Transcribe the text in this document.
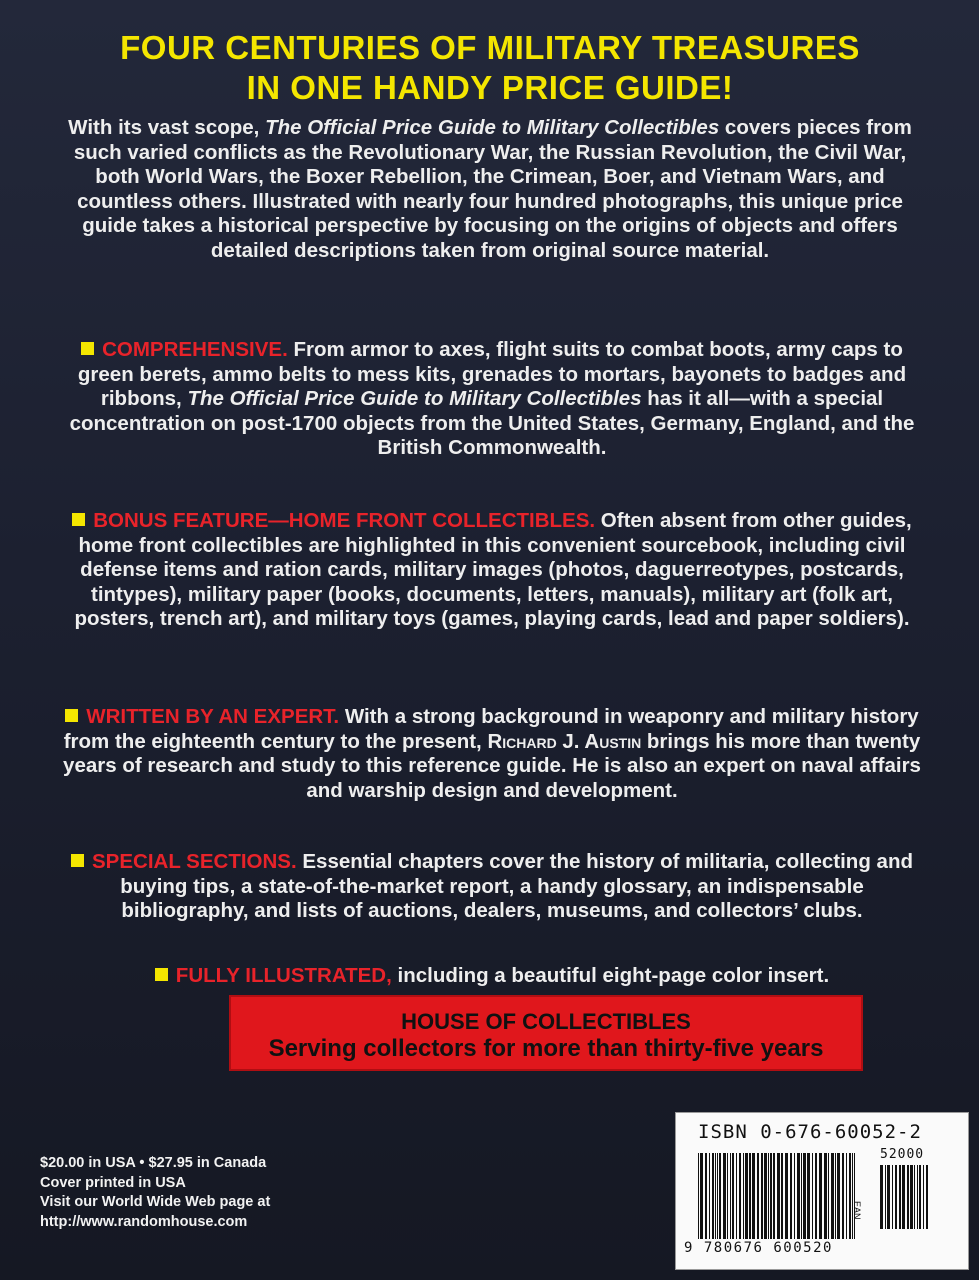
FOUR CENTURIES OF MILITARY TREASURES
IN ONE HANDY PRICE GUIDE!
With its vast scope, The Official Price Guide to Military Collectibles covers pieces from such varied conflicts as the Revolutionary War, the Russian Revolution, the Civil War, both World Wars, the Boxer Rebellion, the Crimean, Boer, and Vietnam Wars, and countless others. Illustrated with nearly four hundred photographs, this unique price guide takes a historical perspective by focusing on the origins of objects and offers detailed descriptions taken from original source material.
COMPREHENSIVE. From armor to axes, flight suits to combat boots, army caps to green berets, ammo belts to mess kits, grenades to mortars, bayonets to badges and ribbons, The Official Price Guide to Military Collectibles has it all—with a special concentration on post-1700 objects from the United States, Germany, England, and the British Commonwealth.
BONUS FEATURE—HOME FRONT COLLECTIBLES. Often absent from other guides, home front collectibles are highlighted in this convenient sourcebook, including civil defense items and ration cards, military images (photos, daguerreotypes, postcards, tintypes), military paper (books, documents, letters, manuals), military art (folk art, posters, trench art), and military toys (games, playing cards, lead and paper soldiers).
WRITTEN BY AN EXPERT. With a strong background in weaponry and military history from the eighteenth century to the present, Richard J. Austin brings his more than twenty years of research and study to this reference guide. He is also an expert on naval affairs and warship design and development.
SPECIAL SECTIONS. Essential chapters cover the history of militaria, collecting and buying tips, a state-of-the-market report, a handy glossary, an indispensable bibliography, and lists of auctions, dealers, museums, and collectors’ clubs.
FULLY ILLUSTRATED, including a beautiful eight-page color insert.
HOUSE OF COLLECTIBLES
Serving collectors for more than thirty-five years
$20.00 in USA • $27.95 in Canada
Cover printed in USA
Visit our World Wide Web page at
http://www.randomhouse.com
ISBN 0-676-60052-2
52000
EAN
9 780676 600520
